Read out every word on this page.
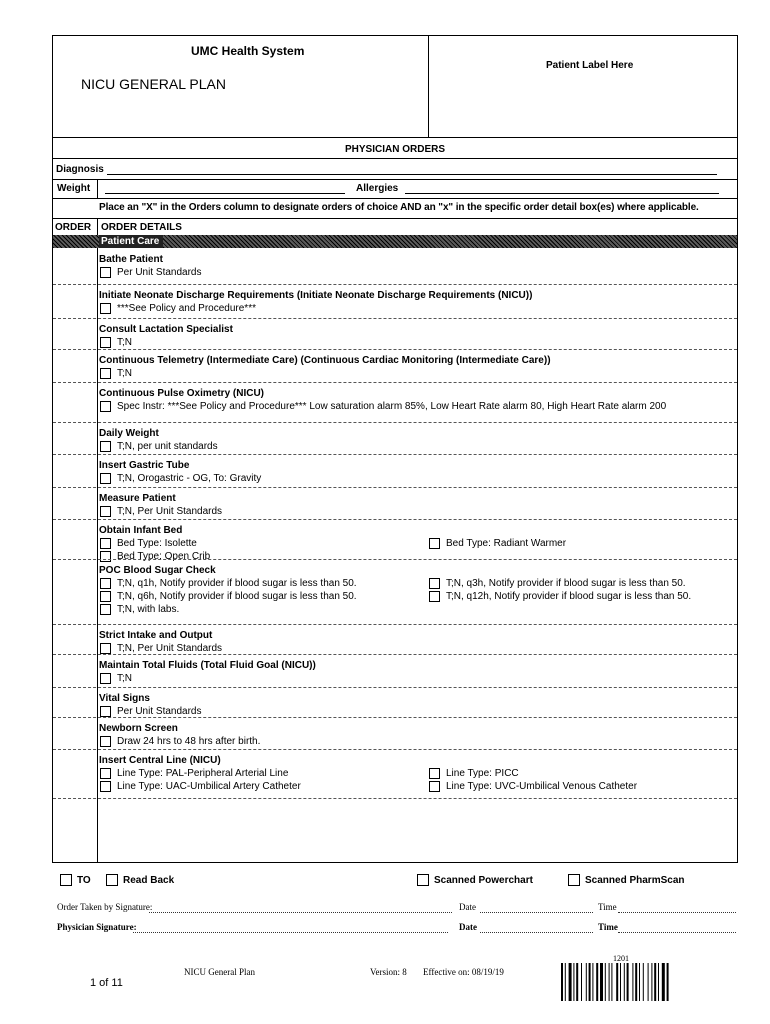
UMC Health System
NICU GENERAL PLAN
Patient Label Here
PHYSICIAN ORDERS
Diagnosis
Weight	Allergies
Place an "X" in the Orders column to designate orders of choice AND an "x" in the specific order detail box(es) where applicable.
ORDER ORDER DETAILS
Patient Care
Bathe Patient
Per Unit Standards
Initiate Neonate Discharge Requirements (Initiate Neonate Discharge Requirements (NICU))
***See Policy and Procedure***
Consult Lactation Specialist
T;N
Continuous Telemetry (Intermediate Care) (Continuous Cardiac Monitoring (Intermediate Care))
T;N
Continuous Pulse Oximetry (NICU)
Spec Instr: ***See Policy and Procedure*** Low saturation alarm 85%, Low Heart Rate alarm 80, High Heart Rate alarm 200
Daily Weight
T;N, per unit standards
Insert Gastric Tube
T;N, Orogastric - OG, To: Gravity
Measure Patient
T;N, Per Unit Standards
Obtain Infant Bed
Bed Type: Isolette	Bed Type: Radiant Warmer
Bed Type: Open Crib
POC Blood Sugar Check
T;N, q1h, Notify provider if blood sugar is less than 50.	T;N, q3h, Notify provider if blood sugar is less than 50.
T;N, q6h, Notify provider if blood sugar is less than 50.	T;N, q12h, Notify provider if blood sugar is less than 50.
T;N, with labs.
Strict Intake and Output
T;N, Per Unit Standards
Maintain Total Fluids (Total Fluid Goal (NICU))
T;N
Vital Signs
Per Unit Standards
Newborn Screen
Draw 24 hrs to 48 hrs after birth.
Insert Central Line (NICU)
Line Type: PAL-Peripheral Arterial Line	Line Type: PICC
Line Type: UAC-Umbilical Artery Catheter	Line Type: UVC-Umbilical Venous Catheter
TO	Read Back	Scanned Powerchart	Scanned PharmScan
Order Taken by Signature:	Date	Time
Physician Signature:	Date	Time
NICU General Plan	Version: 8 Effective on: 08/19/19
1 of 11
1201
